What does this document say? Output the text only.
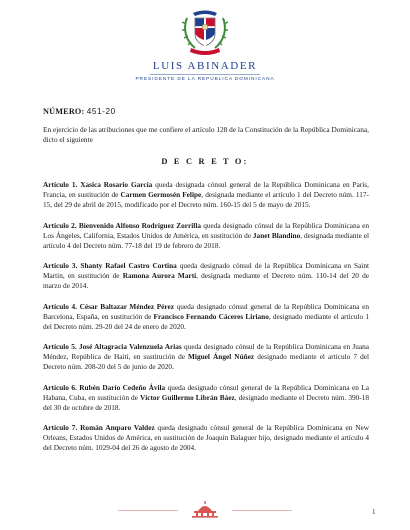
LUIS ABINADER
PRESIDENTE DE LA REPÚBLICA DOMINICANA
NÚMERO: 451-20
En ejercicio de las atribuciones que me confiere el artículo 128 de la Constitución de la República Dominicana, dicto el siguiente
D E C R E T O:

Artículo 1. Xasica Rosario García queda designada cónsul general de la República Dominicana en París, Francia, en sustitución de Carmen Germosén Felipe, designada mediante el artículo 1 del Decreto núm. 117-15, del 29 de abril de 2015, modificado por el Decreto núm. 160-15 del 5 de mayo de 2015.

Artículo 2. Bienvenido Alfonso Rodríguez Zorrilla queda designado cónsul de la República Dominicana en Los Ángeles, California, Estados Unidos de América, en sustitución de Janet Blandino, designada mediante el artículo 4 del Decreto núm. 77-18 del 19 de febrero de 2018.

Artículo 3. Shanty Rafael Castro Cortina queda designado cónsul de la República Dominicana en Saint Martin, en sustitución de Ramona Aurora Martí, designada mediante el Decreto núm. 110-14 del 20 de marzo de 2014.

Artículo 4. César Baltazar Méndez Pérez queda designado cónsul general de la República Dominicana en Barcelona, España, en sustitución de Francisco Fernando Cáceres Liriano, designado mediante el artículo 1 del Decreto núm. 29-20 del 24 de enero de 2020.

Artículo 5. José Altagracia Valenzuela Arias queda designado cónsul de la República Dominicana en Juana Méndez, República de Haití, en sustitución de Miguel Ángel Núñez designado mediante el artículo 7 del Decreto núm. 208-20 del 5 de junio de 2020.

Artículo 6. Rubén Darío Cedeño Ávila queda designado cónsul general de la República Dominicana en La Habana, Cuba, en sustitución de Víctor Guillermo Librán Báez, designado mediante el Decreto núm. 390-18 del 30 de octubre de 2018.

Artículo 7. Román Amparo Valdez queda designado cónsul general de la República Dominicana en New Orleans, Estados Unidos de América, en sustitución de Joaquín Balaguer hijo, designado mediante el artículo 4 del Decreto núm. 1029-04 del 26 de agosto de 2004.

1
